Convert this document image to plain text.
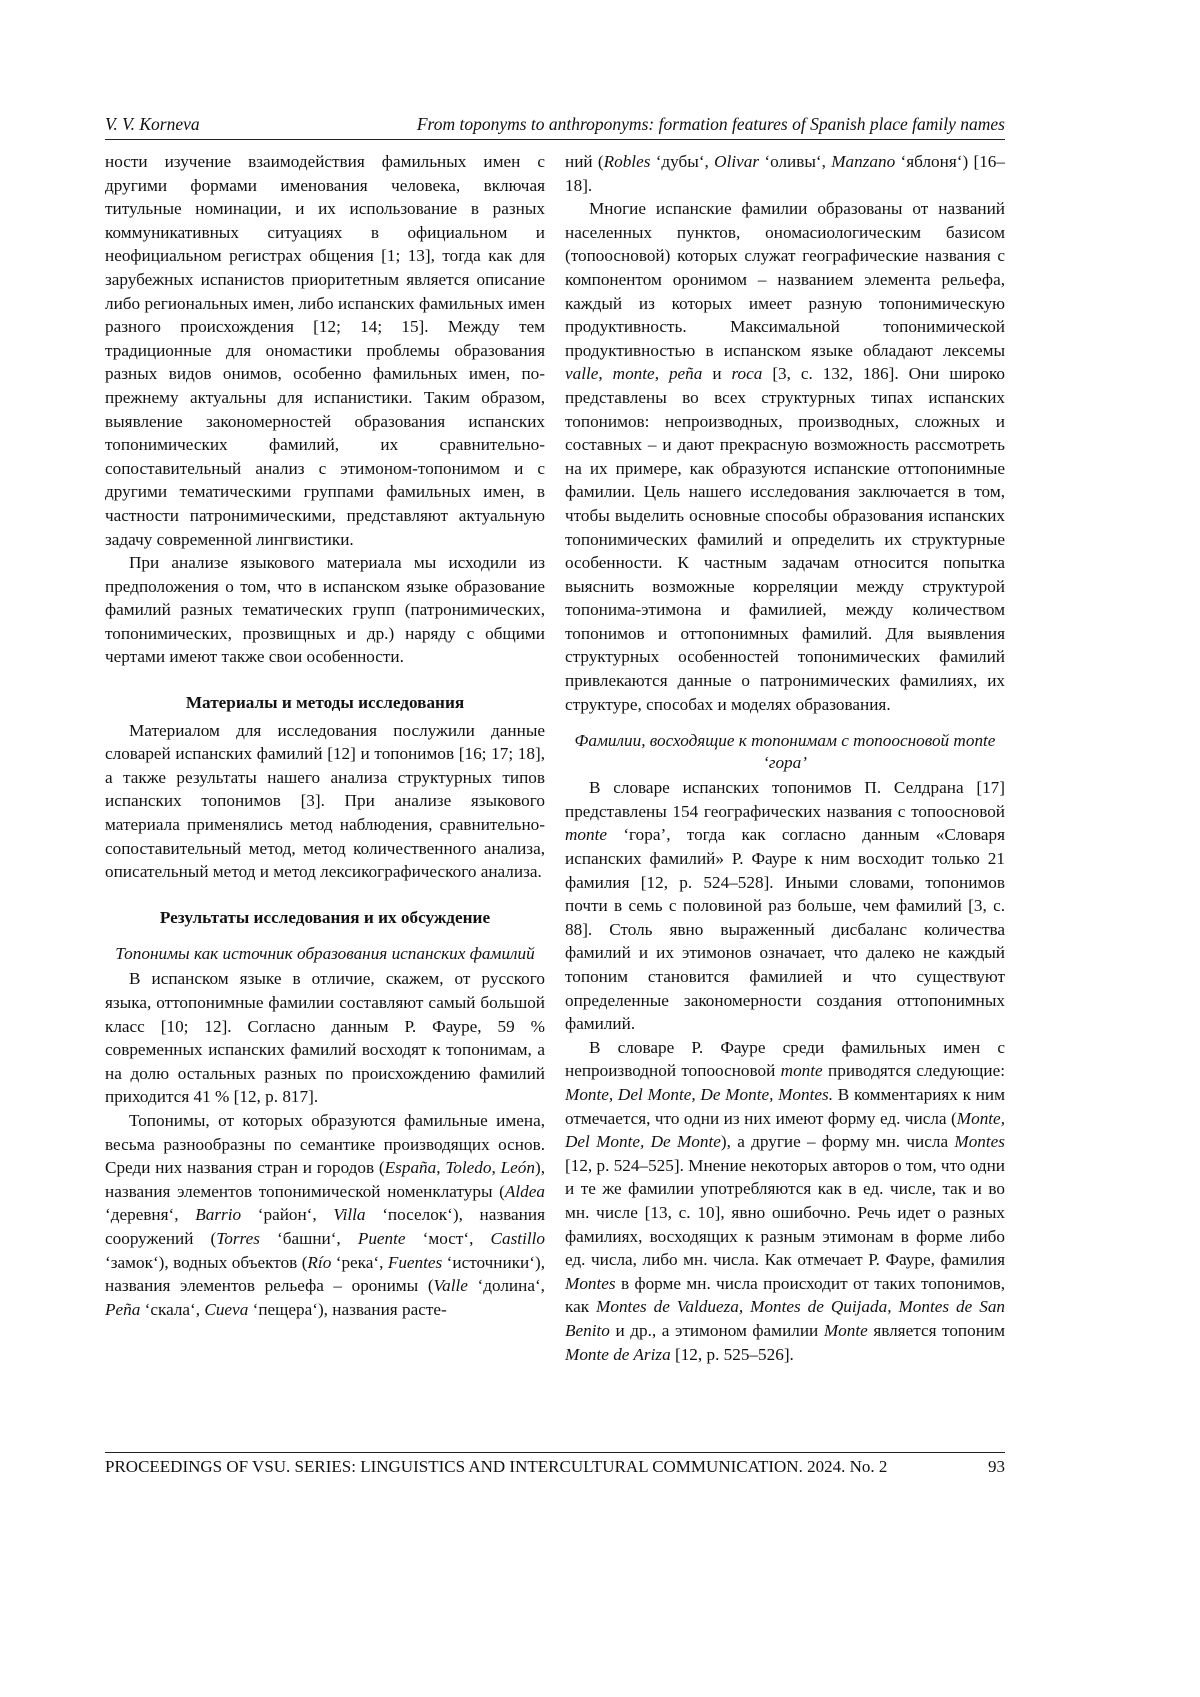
V. V. Korneva	From toponyms to anthroponyms: formation features of Spanish place family names

ности изучение взаимодействия фамильных имен с другими формами именования человека, включая титульные номинации, и их использование в разных коммуникативных ситуациях в официальном и неофициальном регистрах общения [1; 13], тогда как для зарубежных испанистов приоритетным является описание либо региональных имен, либо испанских фамильных имен разного происхождения [12; 14; 15]. Между тем традиционные для ономастики проблемы образования разных видов онимов, особенно фамильных имен, по-прежнему актуальны для испанистики. Таким образом, выявление закономерностей образования испанских топонимических фамилий, их сравнительно-сопоставительный анализ с этимоном-топонимом и с другими тематическими группами фамильных имен, в частности патронимическими, представляют актуальную задачу современной лингвистики.

При анализе языкового материала мы исходили из предположения о том, что в испанском языке образование фамилий разных тематических групп (патронимических, топонимических, прозвищных и др.) наряду с общими чертами имеют также свои особенности.

Материалы и методы исследования

Материалом для исследования послужили данные словарей испанских фамилий [12] и топонимов [16; 17; 18], а также результаты нашего анализа структурных типов испанских топонимов [3]. При анализе языкового материала применялись метод наблюдения, сравнительно-сопоставительный метод, метод количественного анализа, описательный метод и метод лексикографического анализа.

Результаты исследования и их обсуждение
Топонимы как источник образования испанских фамилий

В испанском языке в отличие, скажем, от русского языка, оттопонимные фамилии составляют самый большой класс [10; 12]. Согласно данным Р. Фауре, 59 % современных испанских фамилий восходят к топонимам, а на долю остальных разных по происхождению фамилий приходится 41 % [12, p. 817].

Топонимы, от которых образуются фамильные имена, весьма разнообразны по семантике производящих основ. Среди них названия стран и городов (España, Toledo, León), названия элементов топонимической номенклатуры (Aldea ‘деревня‘, Barrio ‘район‘, Villa ‘поселок‘), названия сооружений (Torres ‘башни‘, Puente ‘мост‘, Castillo ‘замок‘), водных объектов (Río ‘река‘, Fuentes ‘источники‘), названия элементов рельефа – оронимы (Valle ‘долина‘, Peña ‘скала‘, Cueva ‘пещера‘), названия расте-

ний (Robles ‘дубы‘, Olivar ‘оливы‘, Manzano ‘яблоня‘) [16–18].

Многие испанские фамилии образованы от названий населенных пунктов, ономасиологическим базисом (топоосновой) которых служат географические названия с компонентом оронимом – названием элемента рельефа, каждый из которых имеет разную топонимическую продуктивность. Максимальной топонимической продуктивностью в испанском языке обладают лексемы valle, monte, peña и roca [3, с. 132, 186]. Они широко представлены во всех структурных типах испанских топонимов: непроизводных, производных, сложных и составных – и дают прекрасную возможность рассмотреть на их примере, как образуются испанские оттопонимные фамилии. Цель нашего исследования заключается в том, чтобы выделить основные способы образования испанских топонимических фамилий и определить их структурные особенности. К частным задачам относится попытка выяснить возможные корреляции между структурой топонима-этимона и фамилией, между количеством топонимов и оттопонимных фамилий. Для выявления структурных особенностей топонимических фамилий привлекаются данные о патронимических фамилиях, их структуре, способах и моделях образования.

Фамилии, восходящие к топонимам с топоосновой monte ‘гора’

В словаре испанских топонимов П. Селдрана [17] представлены 154 географических названия с топоосновой monte ‘гора’, тогда как согласно данным «Словаря испанских фамилий» Р. Фауре к ним восходит только 21 фамилия [12, p. 524–528]. Иными словами, топонимов почти в семь с половиной раз больше, чем фамилий [3, с. 88]. Столь явно выраженный дисбаланс количества фамилий и их этимонов означает, что далеко не каждый топоним становится фамилией и что существуют определенные закономерности создания оттопонимных фамилий.

В словаре Р. Фауре среди фамильных имен с непроизводной топоосновой monte приводятся следующие: Monte, Del Monte, De Monte, Montes. В комментариях к ним отмечается, что одни из них имеют форму ед. числа (Monte, Del Monte, De Monte), а другие – форму мн. числа Montes [12, p. 524–525]. Мнение некоторых авторов о том, что одни и те же фамилии употребляются как в ед. числе, так и во мн. числе [13, с. 10], явно ошибочно. Речь идет о разных фамилиях, восходящих к разным этимонам в форме либо ед. числа, либо мн. числа. Как отмечает Р. Фауре, фамилия Montes в форме мн. числа происходит от таких топонимов, как Montes de Valdueza, Montes de Quijada, Montes de San Benito и др., а этимоном фамилии Monte является топоним Monte de Ariza [12, p. 525–526].

PROCEEDINGS OF VSU. SERIES: LINGUISTICS AND INTERCULTURAL COMMUNICATION. 2024. No. 2	93
